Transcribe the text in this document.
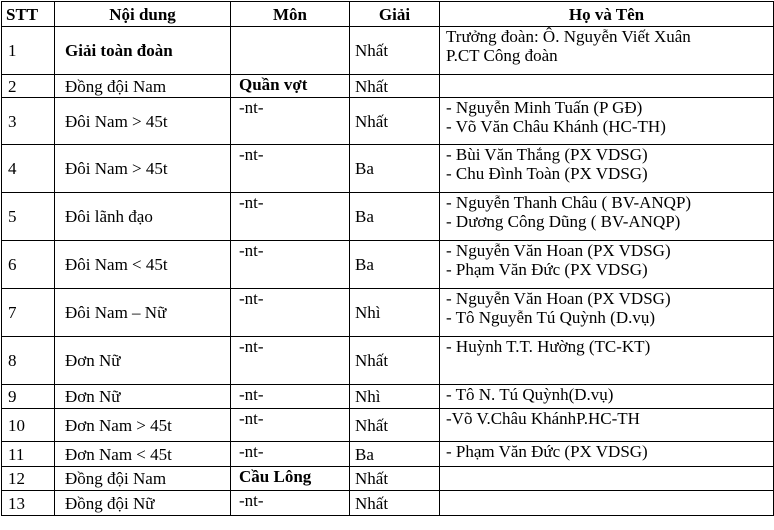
STT	Nội dung	Môn	Giải	Họ và Tên
1	Giải toàn đoàn		Nhất	Trưởng đoàn: Ô. Nguyễn Viết Xuân
P.CT Công đoàn

2	Đồng đội Nam	Quần vợt	Nhất	
3	Đôi Nam > 45t	-nt-	Nhất	- Nguyễn Minh Tuấn (P GĐ)
- Võ Văn Châu Khánh (HC-TH)

4	Đôi Nam > 45t	-nt-	Ba	- Bùi Văn Thắng (PX VDSG)
- Chu Đình Toàn (PX VDSG)

5	Đôi lãnh đạo	-nt-	Ba	- Nguyễn Thanh Châu ( BV-ANQP)
- Dương Công Dũng ( BV-ANQP)

6	Đôi Nam < 45t	-nt-	Ba	- Nguyễn Văn Hoan (PX VDSG)
- Phạm Văn Đức (PX VDSG)

7	Đôi Nam – Nữ	-nt-	Nhì	- Nguyễn Văn Hoan (PX VDSG)
- Tô Nguyễn Tú Quỳnh (D.vụ)

8	Đơn Nữ	-nt-	Nhất	- Huỳnh T.T. Hường (TC-KT)

9	Đơn Nữ	-nt-	Nhì	- Tô N. Tú Quỳnh(D.vụ)

10	Đơn Nam > 45t	-nt-	Nhất	-Võ V.Châu KhánhP.HC-TH

11	Đơn Nam < 45t	-nt-	Ba	- Phạm Văn Đức (PX VDSG)

12	Đồng đội Nam	Cầu Lông	Nhất	
13	Đồng đội Nữ	-nt-	Nhất	
